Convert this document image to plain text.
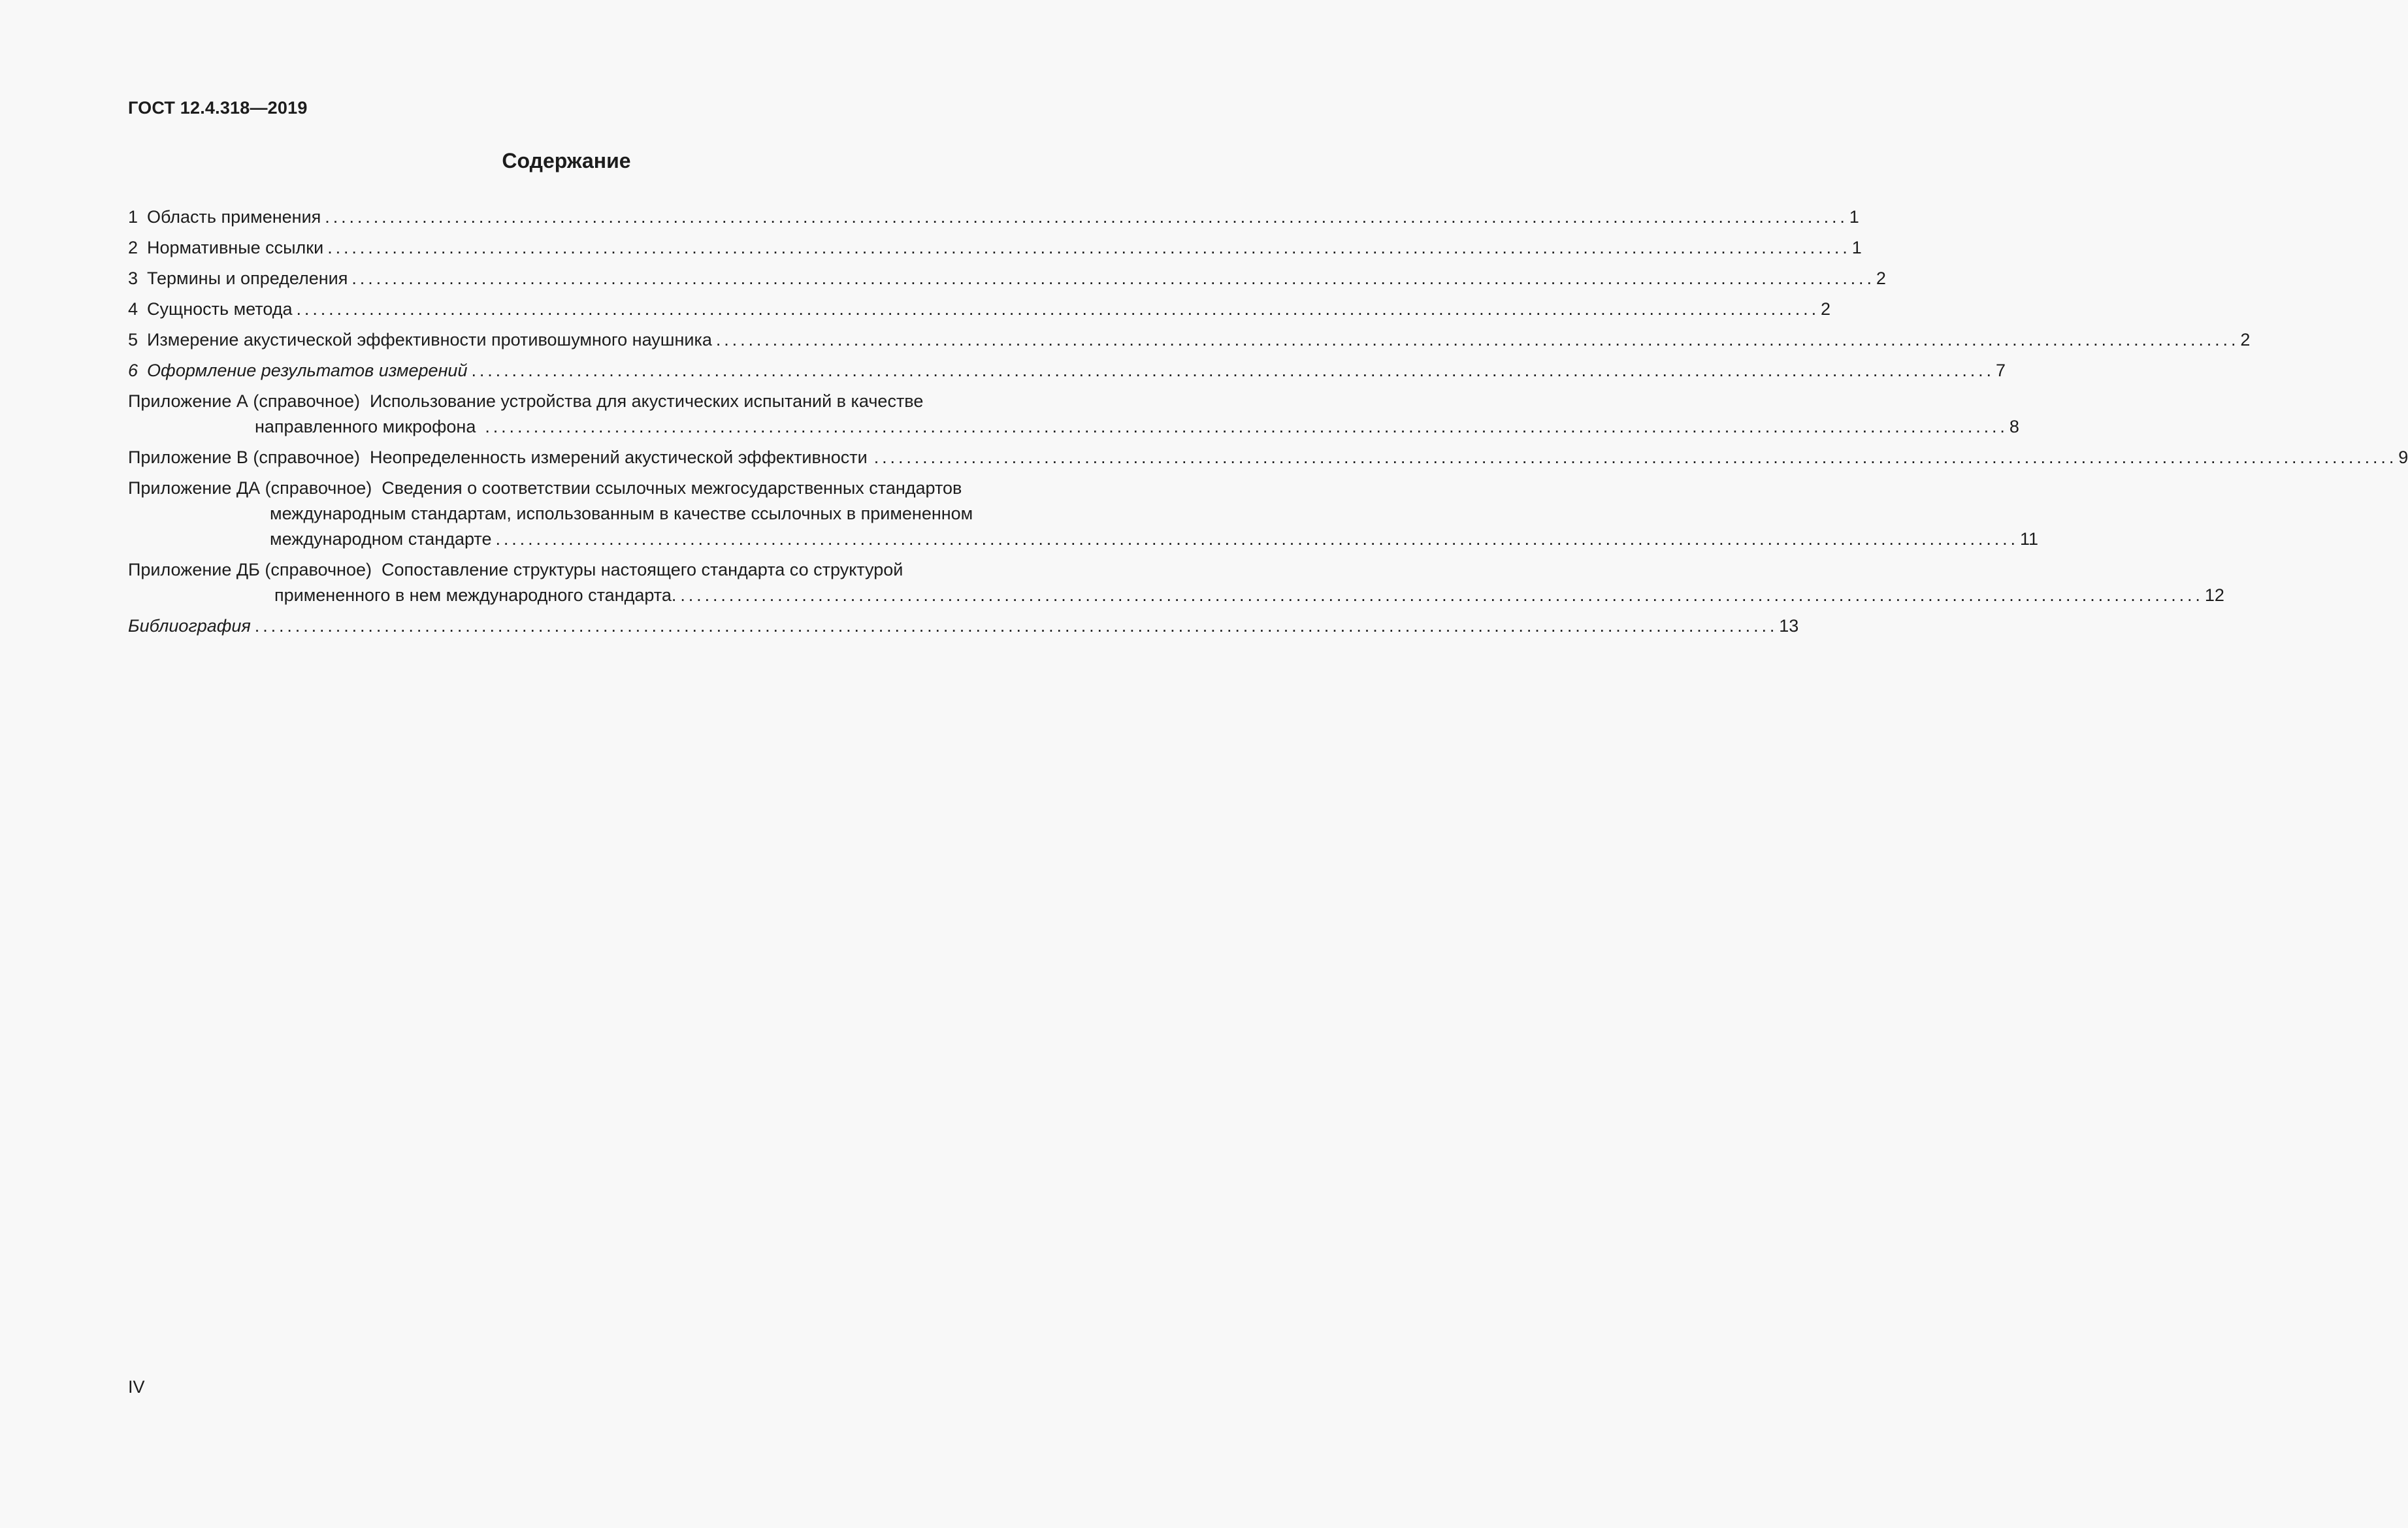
ГОСТ 12.4.318—2019
Содержание
1 Область применения ............................................................................................................................................................................................ 1
2 Нормативные ссылки ............................................................................................................................................................................................ 1
3 Термины и определения ............................................................................................................................................................................................ 2
4 Сущность метода ............................................................................................................................................................................................ 2
5 Измерение акустической эффективности противошумного наушника ............................................................................................................................................................................................ 2
6 Оформление результатов измерений ............................................................................................................................................................................................ 7
Приложение А (справочное) Использование устройства для акустических испытаний в качестве
направленного микрофона ............................................................................................................................................................................................ 8
Приложение В (справочное) Неопределенность измерений акустической эффективности ............................................................................................................................................................................................ 9
Приложение ДА (справочное) Сведения о соответствии ссылочных межгосударственных стандартов
международным стандартам, использованным в качестве ссылочных в примененном
международном стандарте ............................................................................................................................................................................................ 11
Приложение ДБ (справочное) Сопоставление структуры настоящего стандарта со структурой
примененного в нем международного стандарта. ............................................................................................................................................................................................ 12
Библиография ............................................................................................................................................................................................ 13
IV
